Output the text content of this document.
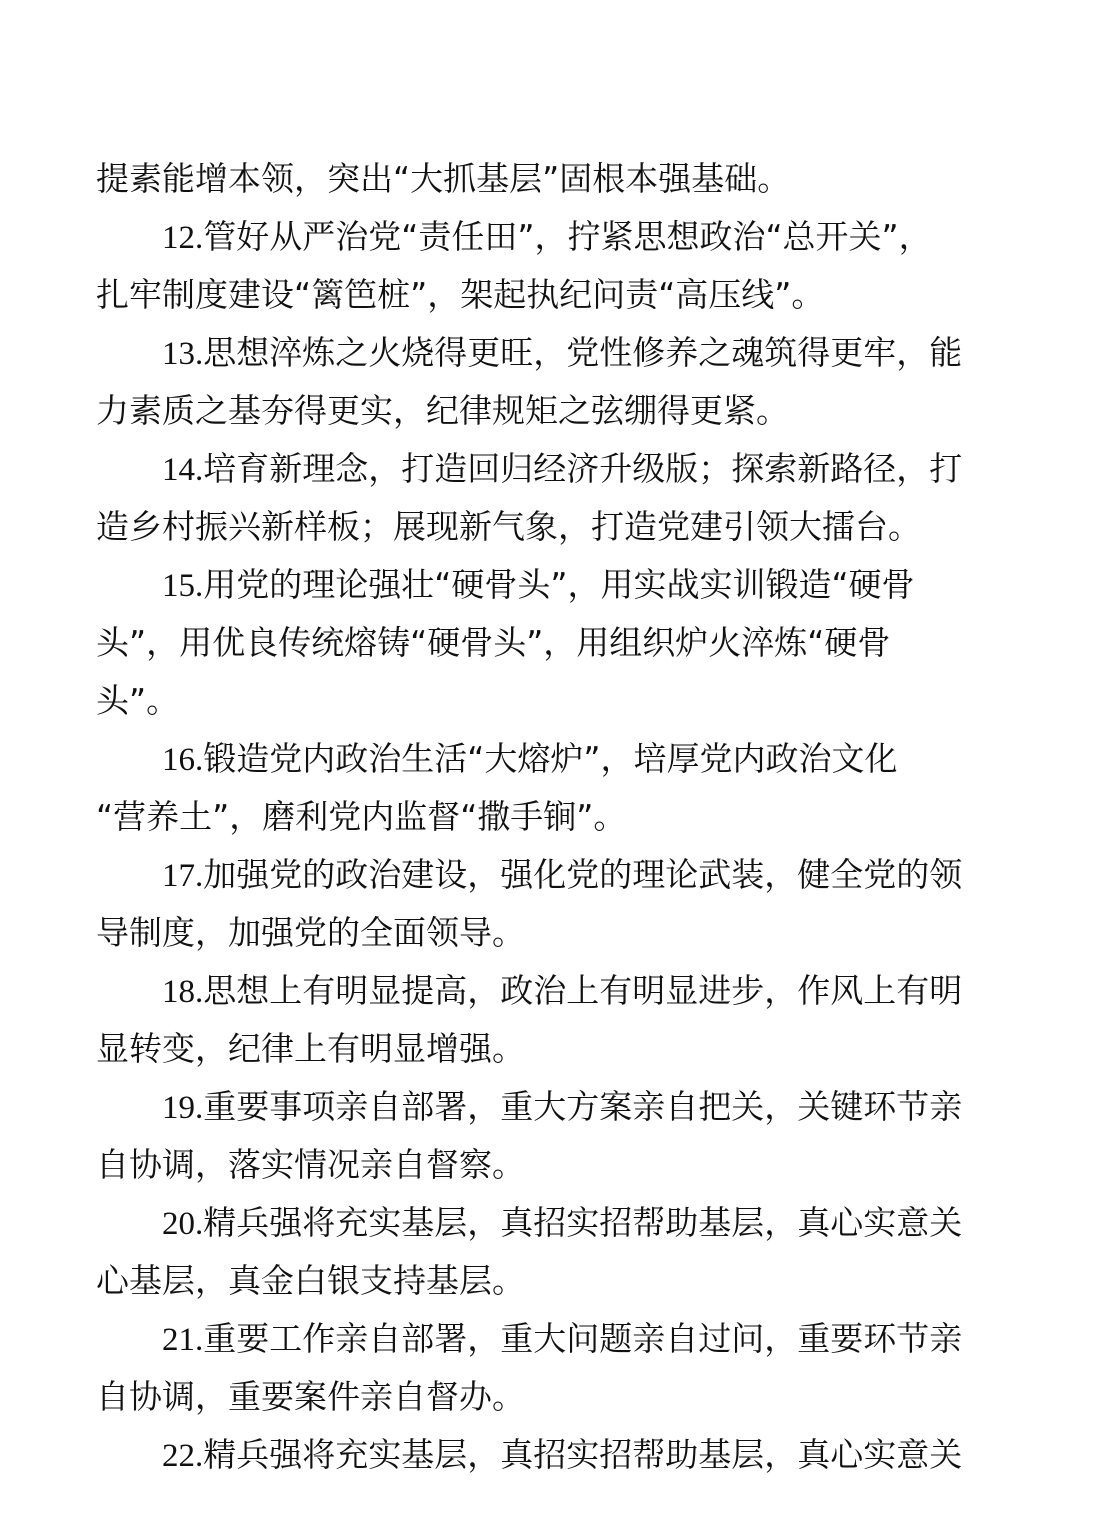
提素能增本领，突出“大抓基层”固根本强基础。
12.管好从严治党“责任田”，拧紧思想政治“总开关”，
扎牢制度建设“篱笆桩”，架起执纪问责“高压线”。
13.思想淬炼之火烧得更旺，党性修养之魂筑得更牢，能
力素质之基夯得更实，纪律规矩之弦绷得更紧。
14.培育新理念，打造回归经济升级版；探索新路径，打
造乡村振兴新样板；展现新气象，打造党建引领大擂台。
15.用党的理论强壮“硬骨头”，用实战实训锻造“硬骨
头”，用优良传统熔铸“硬骨头”，用组织炉火淬炼“硬骨
头”。
16.锻造党内政治生活“大熔炉”，培厚党内政治文化
“营养土”，磨利党内监督“撒手锏”。
17.加强党的政治建设，强化党的理论武装，健全党的领
导制度，加强党的全面领导。
18.思想上有明显提高，政治上有明显进步，作风上有明
显转变，纪律上有明显增强。
19.重要事项亲自部署，重大方案亲自把关，关键环节亲
自协调，落实情况亲自督察。
20.精兵强将充实基层，真招实招帮助基层，真心实意关
心基层，真金白银支持基层。
21.重要工作亲自部署，重大问题亲自过问，重要环节亲
自协调，重要案件亲自督办。
22.精兵强将充实基层，真招实招帮助基层，真心实意关
